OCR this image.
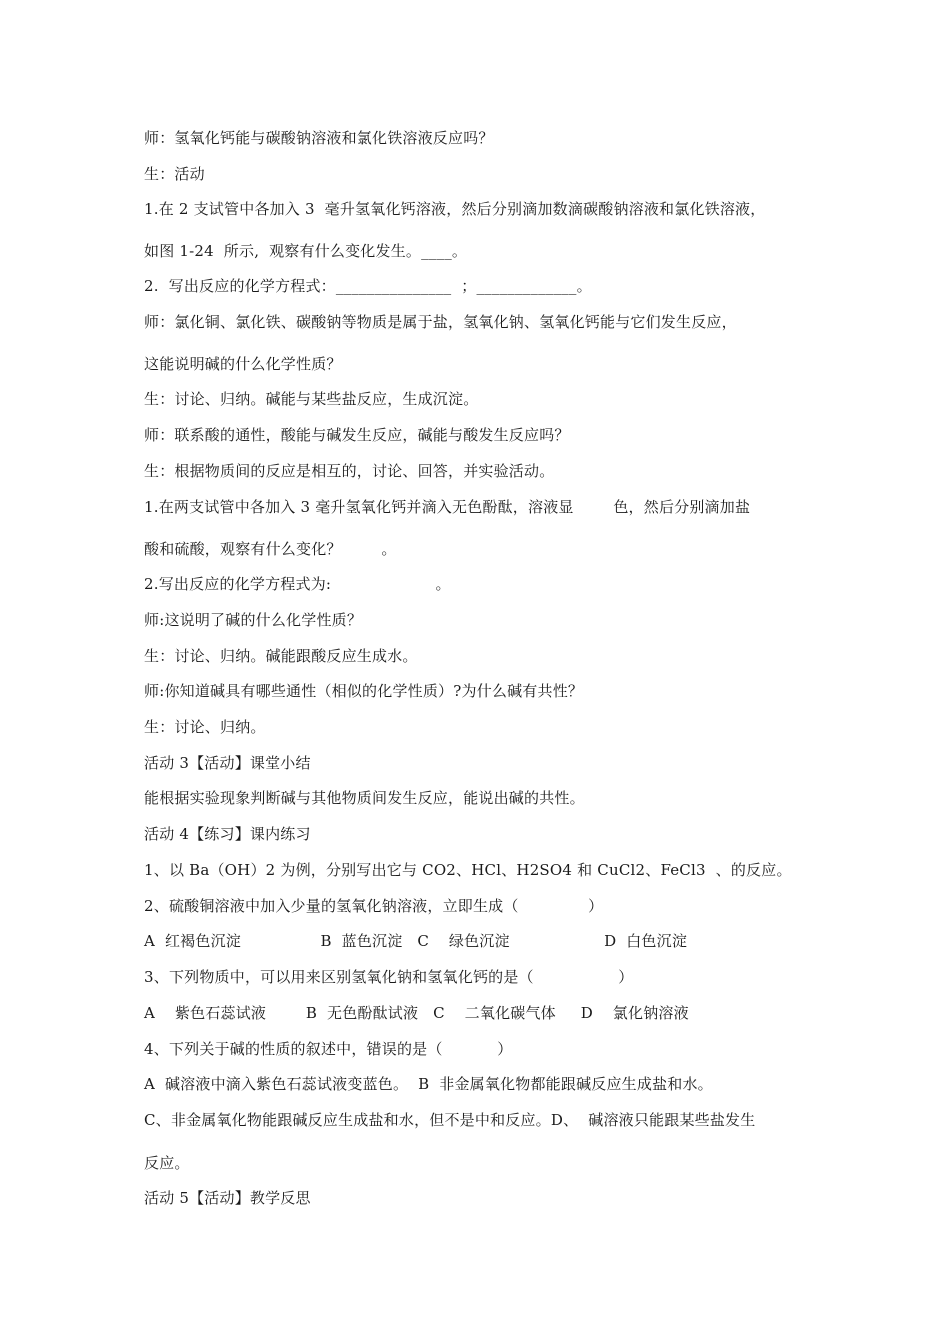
师：氢氧化钙能与碳酸钠溶液和氯化铁溶液反应吗？
生：活动
1.在 2 支试管中各加入 3  毫升氢氧化钙溶液，然后分别滴加数滴碳酸钠溶液和氯化铁溶液，
如图 1-24  所示,  观察有什么变化发生。____。
2.  写出反应的化学方程式：_______________  ；_____________。
师：氯化铜、氯化铁、碳酸钠等物质是属于盐，氢氧化钠、氢氧化钙能与它们发生反应，
这能说明碱的什么化学性质？
生：讨论、归纳。碱能与某些盐反应，生成沉淀。
师：联系酸的通性，酸能与碱发生反应，碱能与酸发生反应吗？
生：根据物质间的反应是相互的，讨论、回答，并实验活动。
1.在两支试管中各加入 3 毫升氢氧化钙并滴入无色酚酞，溶液显        色，然后分别滴加盐
酸和硫酸，观察有什么变化？        。
2.写出反应的化学方程式为:                     。
师:这说明了碱的什么化学性质？
生：讨论、归纳。碱能跟酸反应生成水。
师:你知道碱具有哪些通性（相似的化学性质）?为什么碱有共性？
生：讨论、归纳。
活动 3【活动】课堂小结
能根据实验现象判断碱与其他物质间发生反应，能说出碱的共性。
活动 4【练习】课内练习
1、以 Ba（OH）2 为例，分别写出它与 CO2、HCl、H2SO4 和 CuCl2、FeCl3  、的反应。
2、硫酸铜溶液中加入少量的氢氧化钠溶液，立即生成（              ）
A  红褐色沉淀                B  蓝色沉淀   C    绿色沉淀                   D  白色沉淀
3、下列物质中，可以用来区别氢氧化钠和氢氧化钙的是（                 ）
A    紫色石蕊试液        B  无色酚酞试液   C    二氧化碳气体     D    氯化钠溶液
4、下列关于碱的性质的叙述中，错误的是（           ）
A  碱溶液中滴入紫色石蕊试液变蓝色。  B  非金属氧化物都能跟碱反应生成盐和水。
C、非金属氧化物能跟碱反应生成盐和水，但不是中和反应。D、  碱溶液只能跟某些盐发生
反应。
活动 5【活动】教学反思
